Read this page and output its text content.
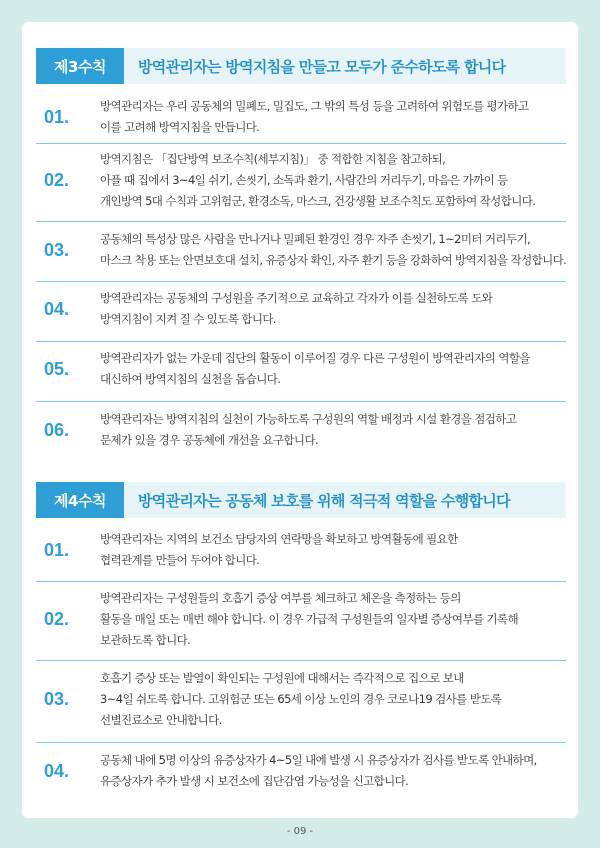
제3수칙	방역관리자는 방역지침을 만들고 모두가 준수하도록 합니다
01.
방역관리자는 우리 공동체의 밀폐도, 밀집도, 그 밖의 특성 등을 고려하여 위험도를 평가하고
이를 고려해 방역지침을 만듭니다.
02.
방역지침은 「집단방역 보조수칙(세부지침)」 중 적합한 지침을 참고하되,
아플 때 집에서 3~4일 쉬기, 손씻기, 소독과 환기, 사람간의 거리두기, 마음은 가까이 등
개인방역 5대 수칙과 고위험군, 환경소독, 마스크, 건강생활 보조수칙도 포함하여 작성합니다.
03.
공동체의 특성상 많은 사람을 만나거나 밀폐된 환경인 경우 자주 손씻기, 1~2미터 거리두기,
마스크 착용 또는 안면보호대 설치, 유증상자 확인, 자주 환기 등을 강화하여 방역지침을 작성합니다.
04.
방역관리자는 공동체의 구성원을 주기적으로 교육하고 각자가 이를 실천하도록 도와
방역지침이 지켜 질 수 있도록 합니다.
05.
방역관리자가 없는 가운데 집단의 활동이 이루어질 경우 다른 구성원이 방역관리자의 역할을
대신하여 방역지침의 실천을 돕습니다.
06.
방역관리자는 방역지침의 실천이 가능하도록 구성원의 역할 배정과 시설 환경을 점검하고
문제가 있을 경우 공동체에 개선을 요구합니다.
제4수칙	방역관리자는 공동체 보호를 위해 적극적 역할을 수행합니다
01.
방역관리자는 지역의 보건소 담당자의 연락망을 확보하고 방역활동에 필요한
협력관계를 만들어 두어야 합니다.
02.
방역관리자는 구성원들의 호흡기 증상 여부를 체크하고 체온을 측정하는 등의
활동을 매일 또는 매번 해야 합니다. 이 경우 가급적 구성원들의 일자별 증상여부를 기록해
보관하도록 합니다.
03.
호흡기 증상 또는 발열이 확인되는 구성원에 대해서는 즉각적으로 집으로 보내
3~4일 쉬도록 합니다. 고위험군 또는 65세 이상 노인의 경우 코로나19 검사를 받도록
선별진료소로 안내합니다.
04.
공동체 내에 5명 이상의 유증상자가 4~5일 내에 발생 시 유증상자가 검사를 받도록 안내하며,
유증상자가 추가 발생 시 보건소에 집단감염 가능성을 신고합니다.
- 09 -
